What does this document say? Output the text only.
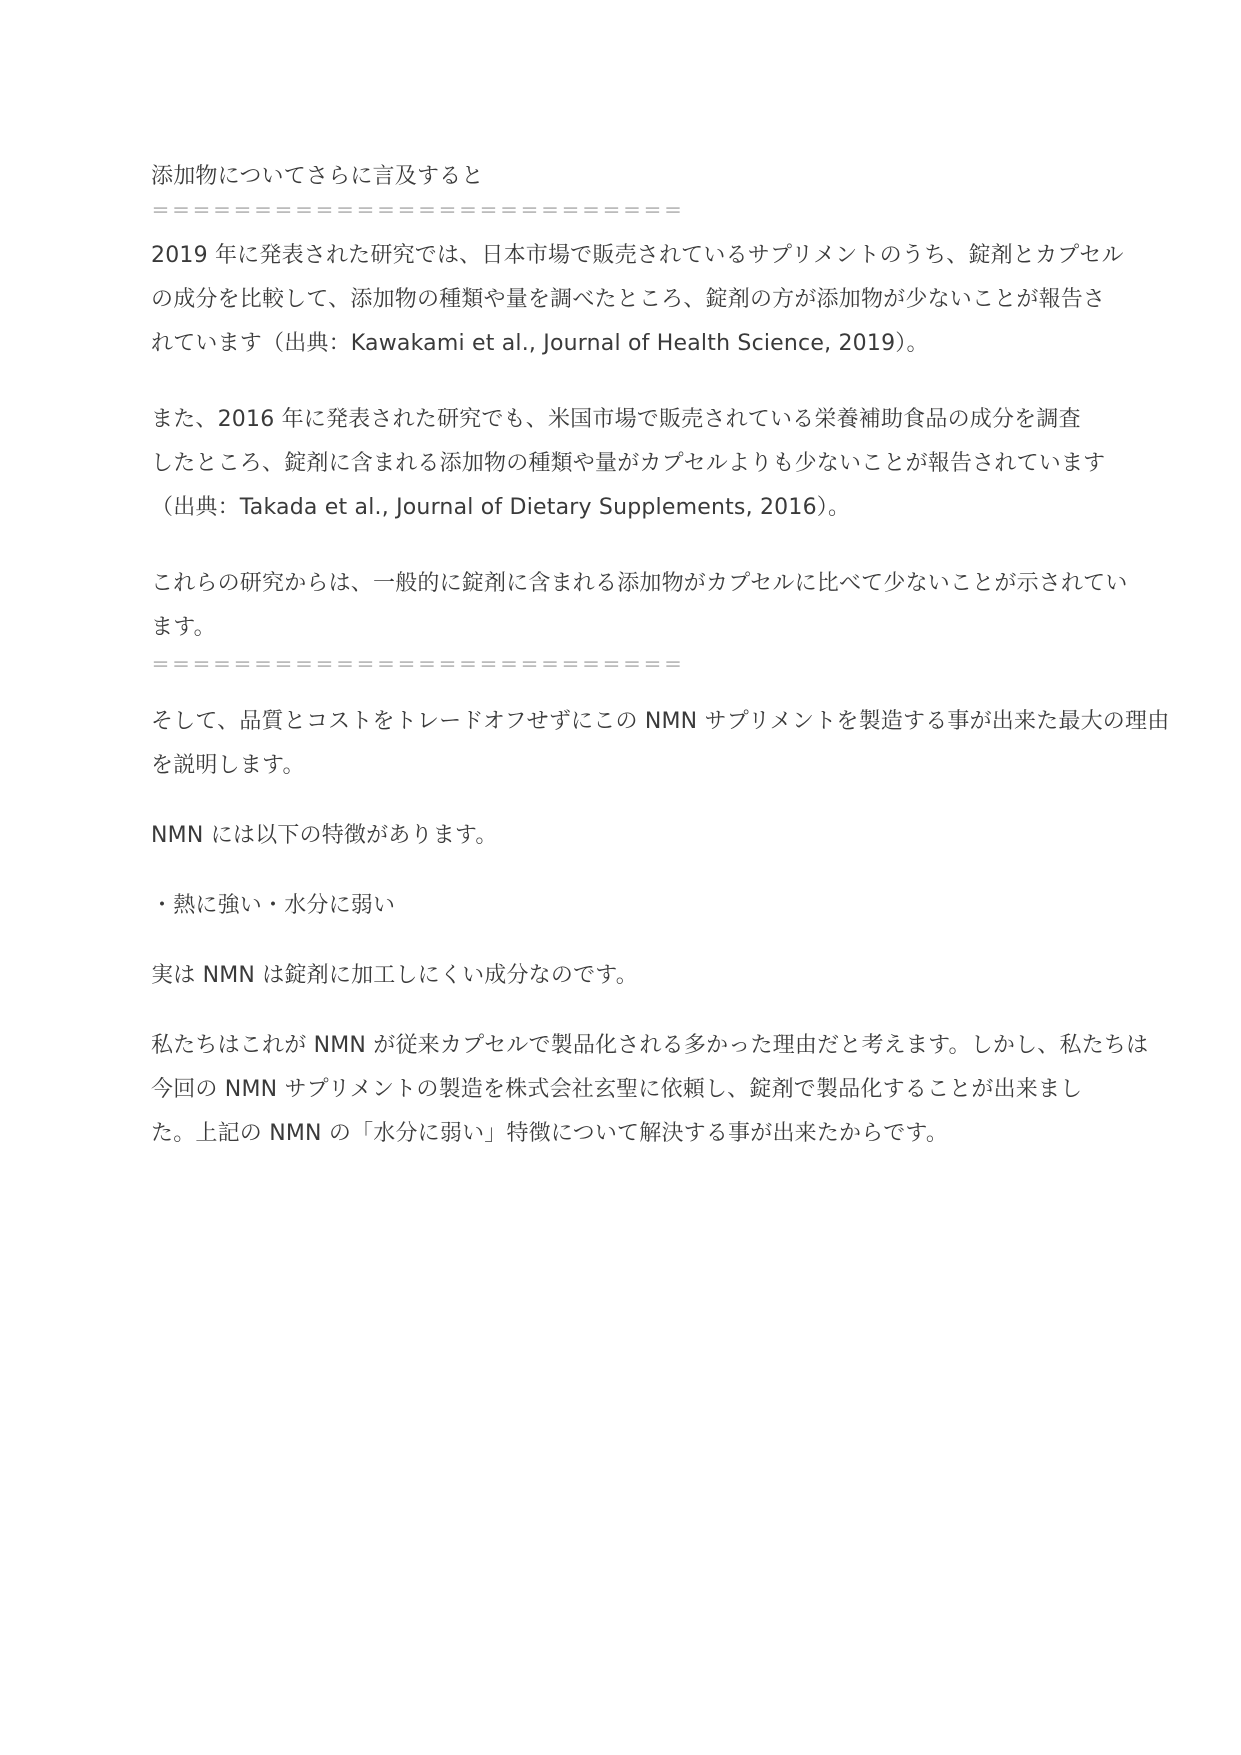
添加物についてさらに言及すると
＝＝＝＝＝＝＝＝＝＝＝＝＝＝＝＝＝＝＝＝＝＝＝＝＝＝
2019 年に発表された研究では、日本市場で販売されているサプリメントのうち、錠剤とカプセル
の成分を比較して、添加物の種類や量を調べたところ、錠剤の方が添加物が少ないことが報告さ
れています（出典：Kawakami et al., Journal of Health Science, 2019）。
また、2016 年に発表された研究でも、米国市場で販売されている栄養補助食品の成分を調査
したところ、錠剤に含まれる添加物の種類や量がカプセルよりも少ないことが報告されています
（出典：Takada et al., Journal of Dietary Supplements, 2016）。
これらの研究からは、一般的に錠剤に含まれる添加物がカプセルに比べて少ないことが示されてい
ます。
＝＝＝＝＝＝＝＝＝＝＝＝＝＝＝＝＝＝＝＝＝＝＝＝＝＝
そして、品質とコストをトレードオフせずにこの NMN サプリメントを製造する事が出来た最大の理由
を説明します。
NMN には以下の特徴があります。
・熱に強い・水分に弱い
実は NMN は錠剤に加工しにくい成分なのです。
私たちはこれが NMN が従来カプセルで製品化される多かった理由だと考えます。しかし、私たちは
今回の NMN サプリメントの製造を株式会社玄聖に依頼し、錠剤で製品化することが出来まし
た。上記の NMN の「水分に弱い」特徴について解決する事が出来たからです。
